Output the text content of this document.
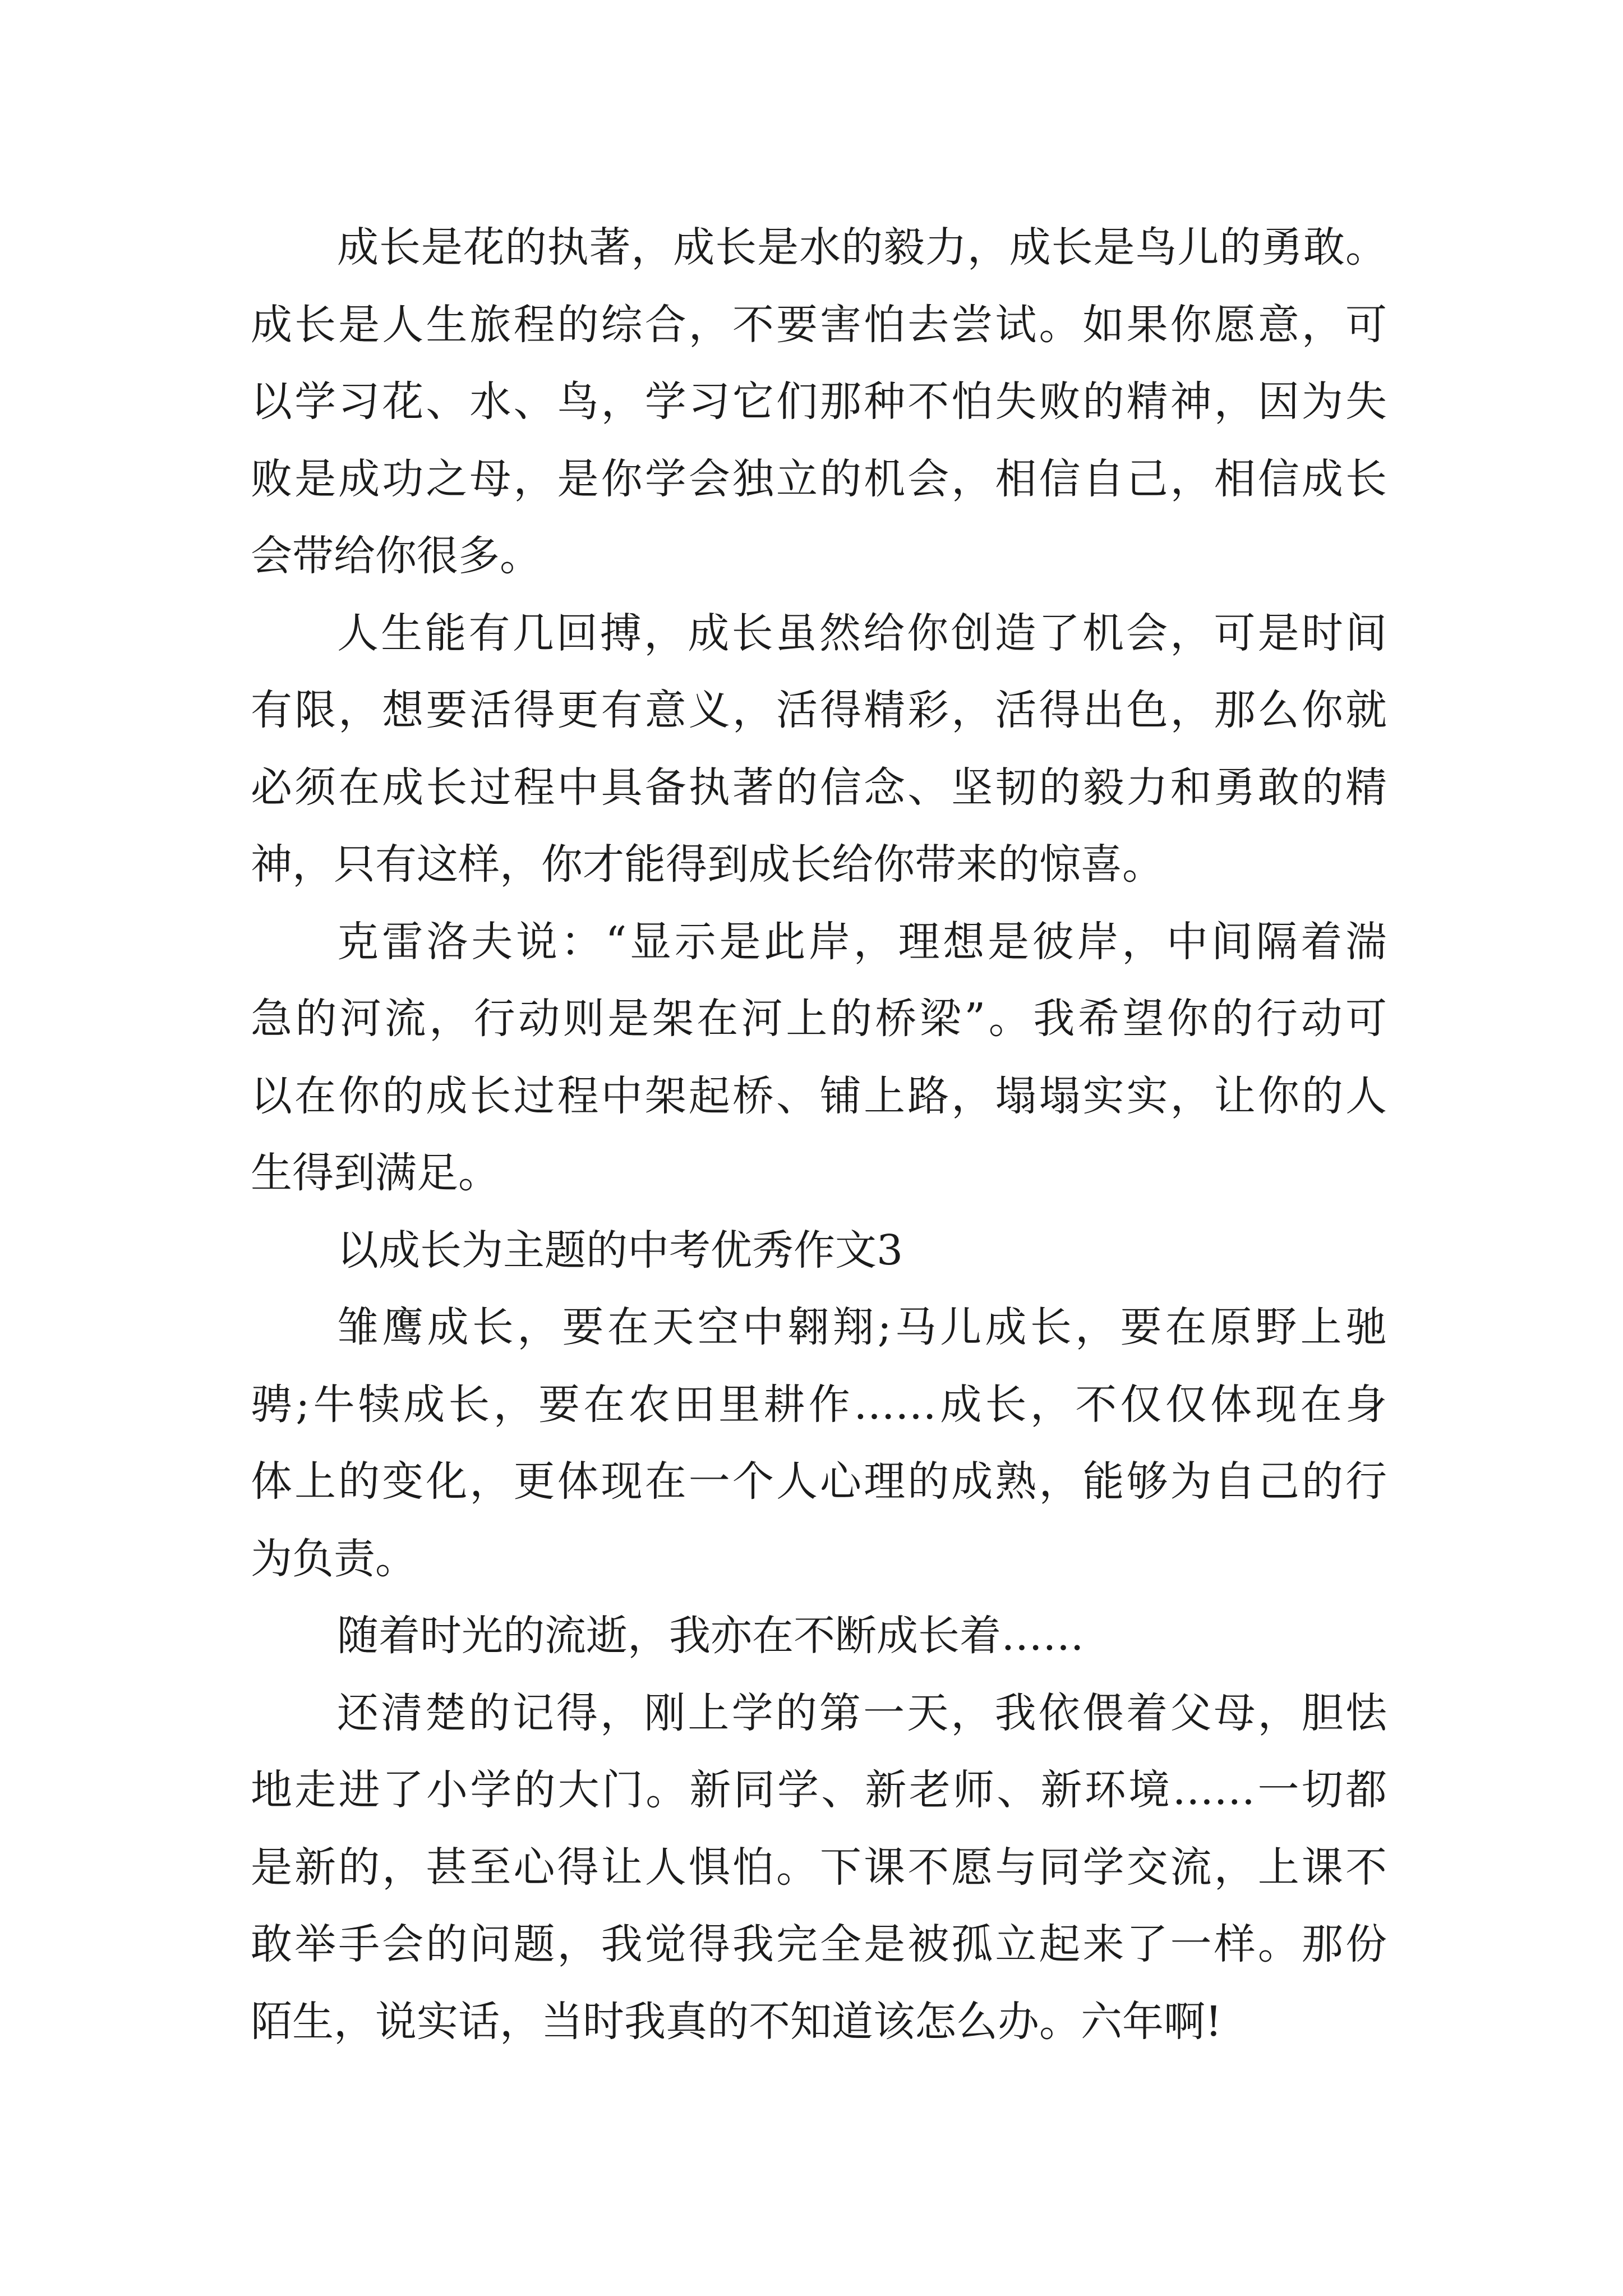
成长是花的执著，成长是水的毅力，成长是鸟儿的勇敢。
成长是人生旅程的综合，不要害怕去尝试。如果你愿意，可
以学习花、水、鸟，学习它们那种不怕失败的精神，因为失
败是成功之母，是你学会独立的机会，相信自己，相信成长
会带给你很多。
人生能有几回搏，成长虽然给你创造了机会，可是时间
有限，想要活得更有意义，活得精彩，活得出色，那么你就
必须在成长过程中具备执著的信念、坚韧的毅力和勇敢的精
神，只有这样，你才能得到成长给你带来的惊喜。
克雷洛夫说：“显示是此岸，理想是彼岸，中间隔着湍
急的河流，行动则是架在河上的桥梁”。我希望你的行动可
以在你的成长过程中架起桥、铺上路，塌塌实实，让你的人
生得到满足。
以成长为主题的中考优秀作文3
雏鹰成长，要在天空中翱翔;马儿成长，要在原野上驰
骋;牛犊成长，要在农田里耕作……成长，不仅仅体现在身
体上的变化，更体现在一个人心理的成熟，能够为自己的行
为负责。
随着时光的流逝，我亦在不断成长着……
还清楚的记得，刚上学的第一天，我依偎着父母，胆怯
地走进了小学的大门。新同学、新老师、新环境……一切都
是新的，甚至心得让人惧怕。下课不愿与同学交流，上课不
敢举手会的问题，我觉得我完全是被孤立起来了一样。那份
陌生，说实话，当时我真的不知道该怎么办。六年啊!
